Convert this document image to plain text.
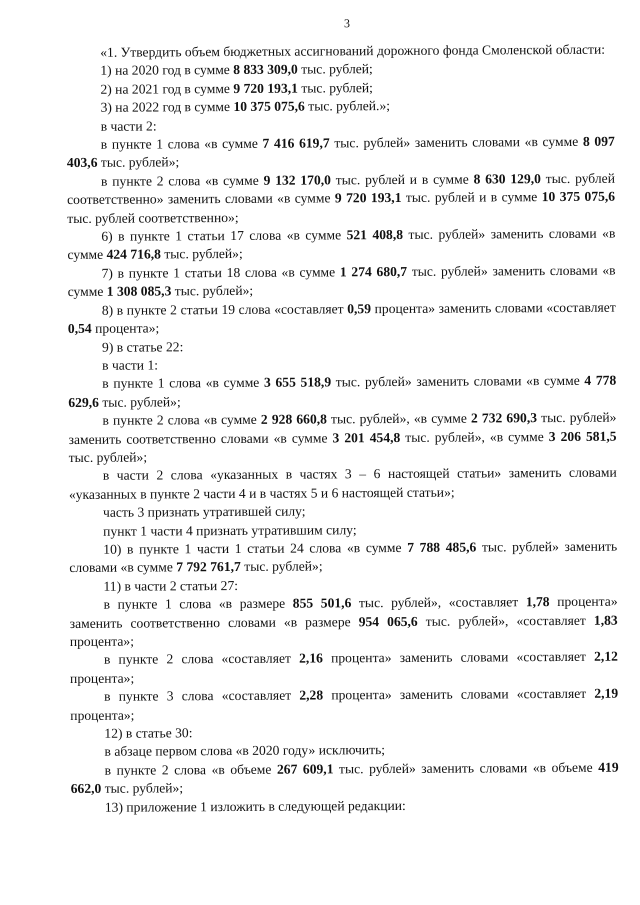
3

«1. Утвердить объем бюджетных ассигнований дорожного фонда Смоленской области:

1) на 2020 год в сумме 8 833 309,0 тыс. рублей;

2) на 2021 год в сумме 9 720 193,1 тыс. рублей;

3) на 2022 год в сумме 10 375 075,6 тыс. рублей.»;

в части 2:

в пункте 1 слова «в сумме 7 416 619,7 тыс. рублей» заменить словами «в сумме 8 097 403,6 тыс. рублей»;

в пункте 2 слова «в сумме 9 132 170,0 тыс. рублей и в сумме 8 630 129,0 тыс. рублей соответственно» заменить словами «в сумме 9 720 193,1 тыс. рублей и в сумме 10 375 075,6 тыс. рублей соответственно»;

6) в пункте 1 статьи 17 слова «в сумме 521 408,8 тыс. рублей» заменить словами «в сумме 424 716,8 тыс. рублей»;

7) в пункте 1 статьи 18 слова «в сумме 1 274 680,7 тыс. рублей» заменить словами «в сумме 1 308 085,3 тыс. рублей»;

8) в пункте 2 статьи 19 слова «составляет 0,59 процента» заменить словами «составляет 0,54 процента»;

9) в статье 22:

в части 1:

в пункте 1 слова «в сумме 3 655 518,9 тыс. рублей» заменить словами «в сумме 4 778 629,6 тыс. рублей»;

в пункте 2 слова «в сумме 2 928 660,8 тыс. рублей», «в сумме 2 732 690,3 тыс. рублей» заменить соответственно словами «в сумме 3 201 454,8 тыс. рублей», «в сумме 3 206 581,5 тыс. рублей»;

в части 2 слова «указанных в частях 3 – 6 настоящей статьи» заменить словами «указанных в пункте 2 части 4 и в частях 5 и 6 настоящей статьи»;

часть 3 признать утратившей силу;

пункт 1 части 4 признать утратившим силу;

10) в пункте 1 части 1 статьи 24 слова «в сумме 7 788 485,6 тыс. рублей» заменить словами «в сумме 7 792 761,7 тыс. рублей»;

11) в части 2 статьи 27:

в пункте 1 слова «в размере 855 501,6 тыс. рублей», «составляет 1,78 процента» заменить соответственно словами «в размере 954 065,6 тыс. рублей», «составляет 1,83 процента»;

в пункте 2 слова «составляет 2,16 процента» заменить словами «составляет 2,12 процента»;

в пункте 3 слова «составляет 2,28 процента» заменить словами «составляет 2,19 процента»;

12) в статье 30:

в абзаце первом слова «в 2020 году» исключить;

в пункте 2 слова «в объеме 267 609,1 тыс. рублей» заменить словами «в объеме 419 662,0 тыс. рублей»;

13) приложение 1 изложить в следующей редакции:
